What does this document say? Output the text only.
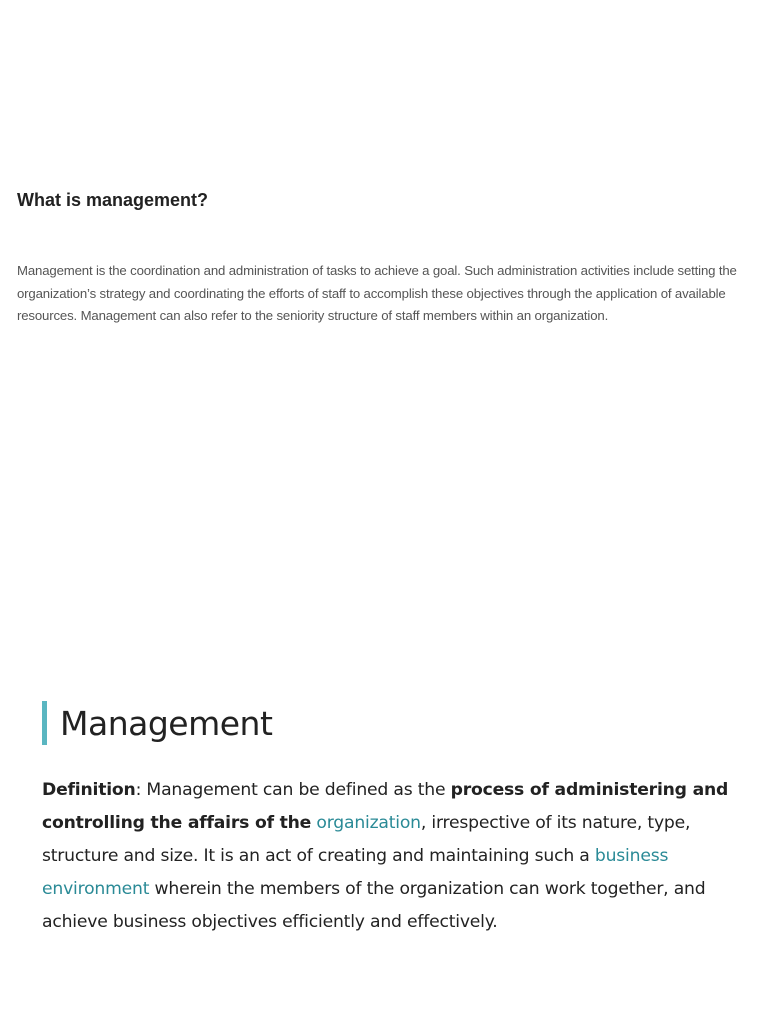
What is management?

Management is the coordination and administration of tasks to achieve a goal. Such administration activities include setting the organization’s strategy and coordinating the efforts of staff to accomplish these objectives through the application of available resources. Management can also refer to the seniority structure of staff members within an organization.

Management

Definition: Management can be defined as the process of administering and controlling the affairs of the organization, irrespective of its nature, type, structure and size. It is an act of creating and maintaining such a business environment wherein the members of the organization can work together, and achieve business objectives efficiently and effectively.
